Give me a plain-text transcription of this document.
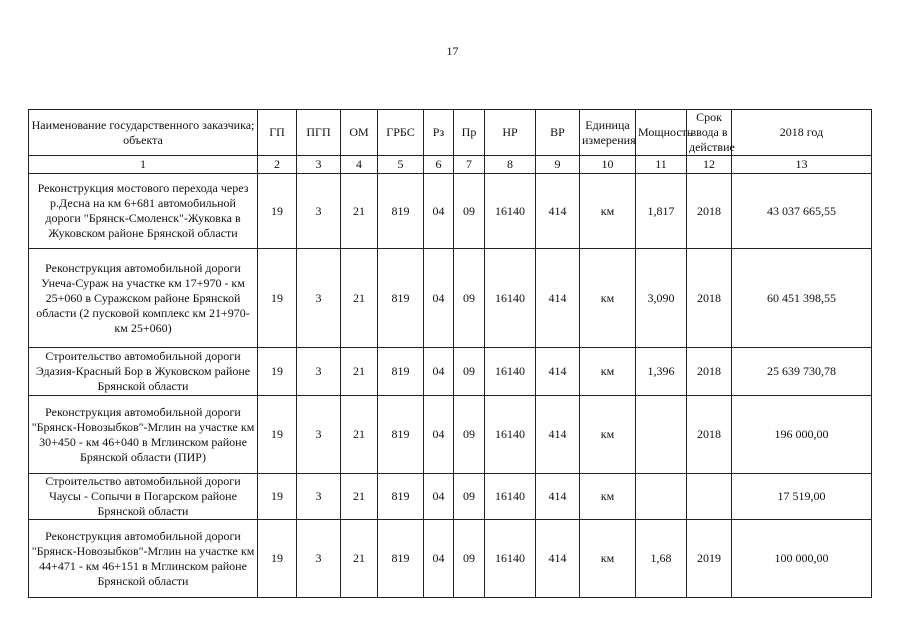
17
Наименование государственного заказчика; объекта	ГП	ПГП	ОМ	ГРБС	Рз	Пр	НР	ВР	Единица измерения	Мощность	Срок ввода в действие	2018 год
1	2	3	4	5	6	7	8	9	10	11	12	13
Реконструкция мостового перехода через р.Десна на км 6+681 автомобильной дороги "Брянск-Смоленск"-Жуковка в Жуковском районе Брянской области	19	3	21	819	04	09	16140	414	км	1,817	2018	43 037 665,55
Реконструкция автомобильной дороги Унеча-Сураж на участке км 17+970 - км 25+060 в Суражском районе Брянской области (2 пусковой комплекс км 21+970-км 25+060)	19	3	21	819	04	09	16140	414	км	3,090	2018	60 451 398,55
Строительство автомобильной дороги Эдазия-Красный Бор в Жуковском районе Брянской области	19	3	21	819	04	09	16140	414	км	1,396	2018	25 639 730,78
Реконструкция автомобильной дороги "Брянск-Новозыбков"-Мглин на участке км 30+450 - км 46+040 в Мглинском районе Брянской области (ПИР)	19	3	21	819	04	09	16140	414	км		2018	196 000,00
Строительство автомобильной дороги Чаусы - Сопычи в Погарском районе Брянской области	19	3	21	819	04	09	16140	414	км			17 519,00
Реконструкция автомобильной дороги "Брянск-Новозыбков"-Мглин на участке км 44+471 - км 46+151 в Мглинском районе Брянской области	19	3	21	819	04	09	16140	414	км	1,68	2019	100 000,00
